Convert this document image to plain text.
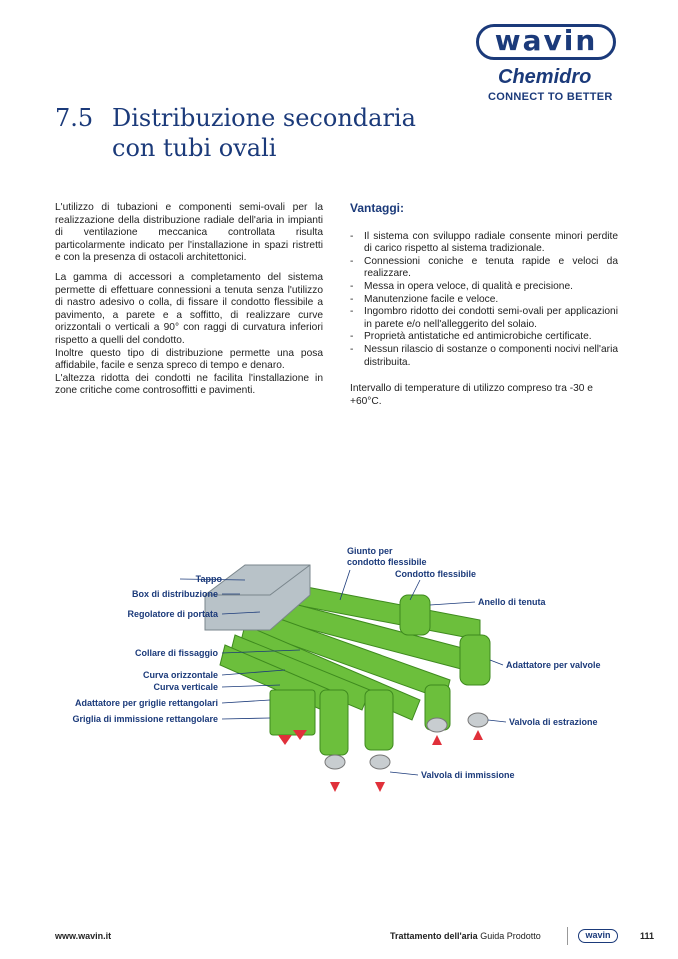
wavin
Chemidro
CONNECT TO BETTER
7.5 Distribuzione secondaria
con tubi ovali

L'utilizzo di tubazioni e componenti semi-ovali per la realizzazione della distribuzione radiale dell'aria in impianti di ventilazione meccanica controllata risulta particolarmente indicato per l'installazione in spazi ristretti e con la presenza di ostacoli architettonici.

La gamma di accessori a completamento del sistema permette di effettuare connessioni a tenuta senza l'utilizzo di nastro adesivo o colla, di fissare il condotto flessibile a pavimento, a parete e a soffitto, di realizzare curve orizzontali o verticali a 90° con raggi di curvatura inferiori rispetto a quelli del condotto.

Inoltre questo tipo di distribuzione permette una posa affidabile, facile e senza spreco di tempo e denaro.

L'altezza ridotta dei condotti ne facilita l'installazione in zone critiche come controsoffitti e pavimenti.

Vantaggi:
- Il sistema con sviluppo radiale consente minori perdite di carico rispetto al sistema tradizionale.
- Connessioni coniche e tenuta rapide e veloci da realizzare.
- Messa in opera veloce, di qualità e precisione.
- Manutenzione facile e veloce.
- Ingombro ridotto dei condotti semi-ovali per applicazioni in parete e/o nell'alleggerito del solaio.
- Proprietà antistatiche ed antimicrobiche certificate.
- Nessun rilascio di sostanze o componenti nocivi nell'aria distribuita.

Intervallo di temperature di utilizzo compreso tra -30 e +60°C.

Tappo
Box di distribuzione
Regolatore di portata
Collare di fissaggio
Curva orizzontale
Curva verticale
Adattatore per griglie rettangolari
Griglia di immissione rettangolare
Giunto per condotto flessibile
Condotto flessibile
Anello di tenuta
Adattatore per valvole
Valvola di estrazione
Valvola di immissione
www.wavin.it	Trattamento dell'aria Guida Prodotto	wavin	111
